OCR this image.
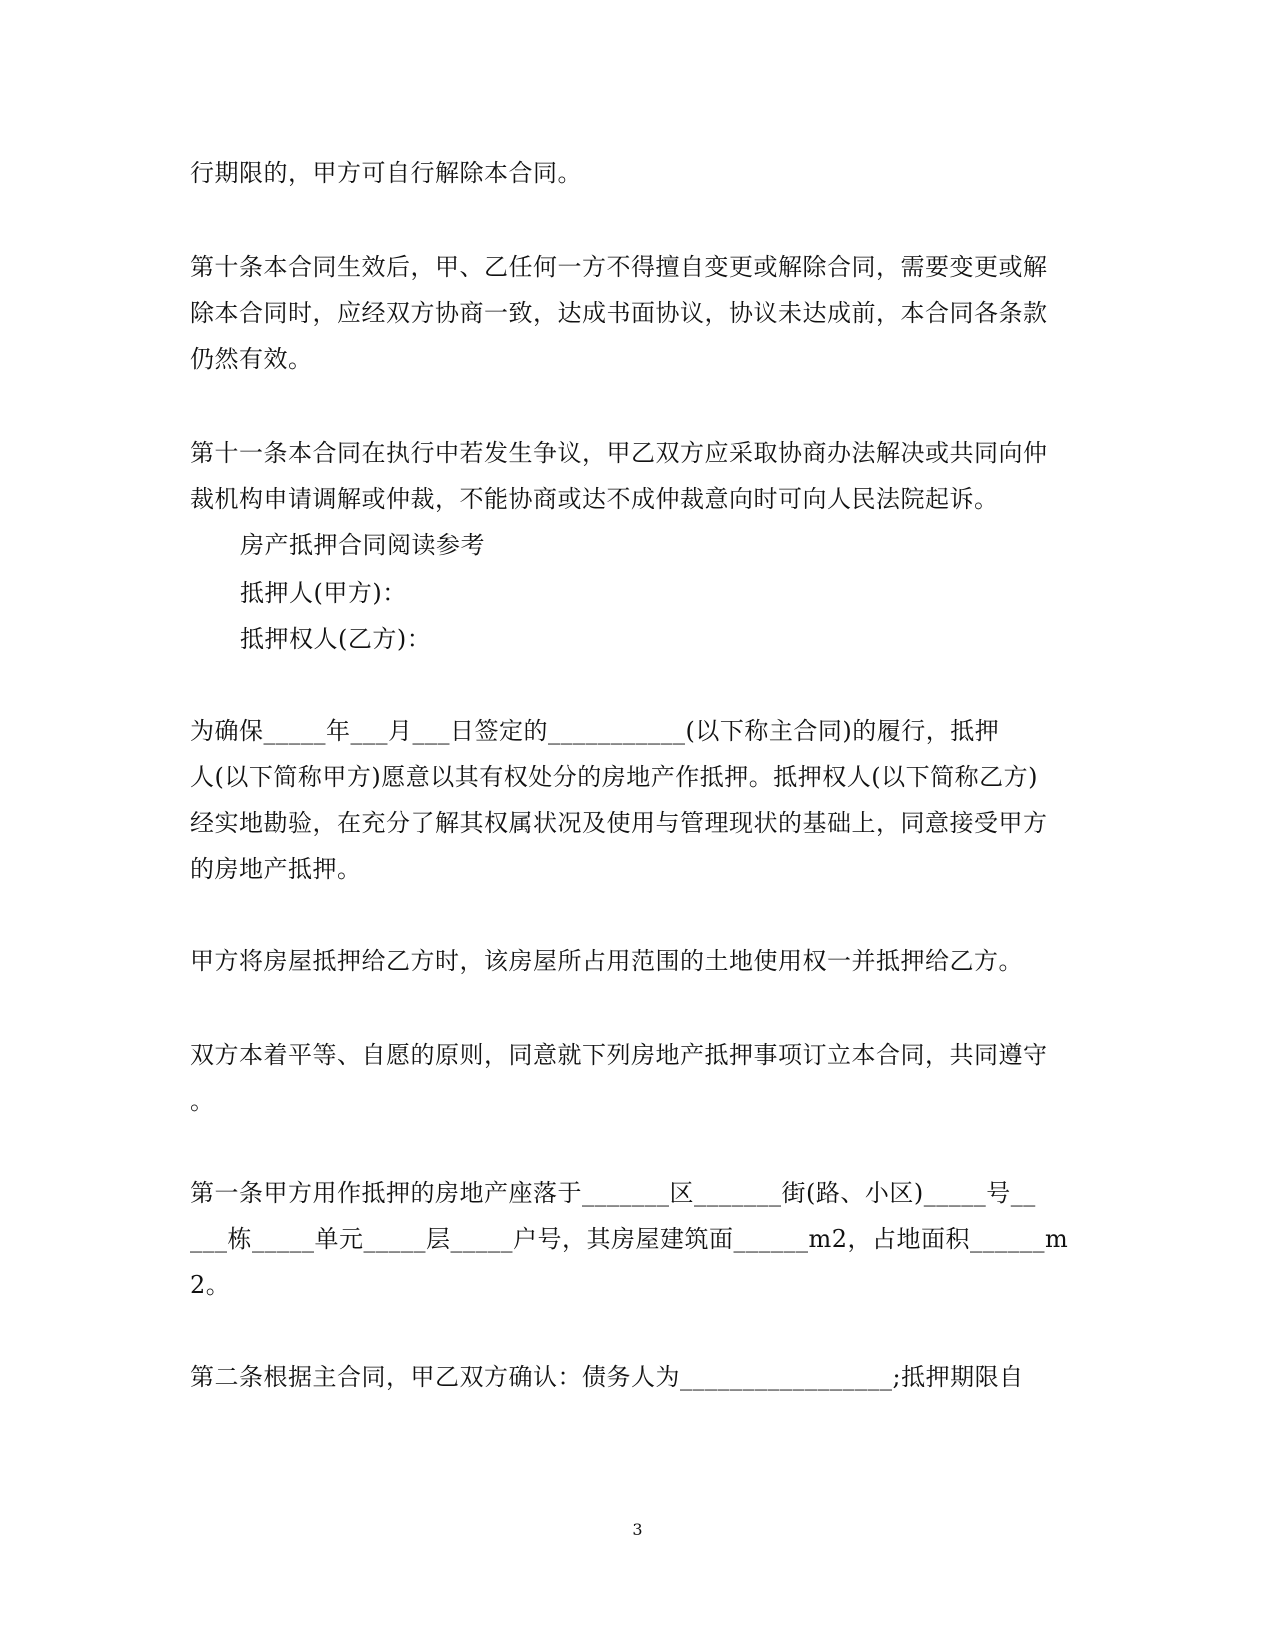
行期限的，甲方可自行解除本合同。
第十条本合同生效后，甲、乙任何一方不得擅自变更或解除合同，需要变更或解
除本合同时，应经双方协商一致，达成书面协议，协议未达成前，本合同各条款
仍然有效。
第十一条本合同在执行中若发生争议，甲乙双方应采取协商办法解决或共同向仲
裁机构申请调解或仲裁，不能协商或达不成仲裁意向时可向人民法院起诉。
房产抵押合同阅读参考
抵押人(甲方)：
抵押权人(乙方)：
为确保_____年___月___日签定的___________(以下称主合同)的履行，抵押
人(以下简称甲方)愿意以其有权处分的房地产作抵押。抵押权人(以下简称乙方)
经实地勘验，在充分了解其权属状况及使用与管理现状的基础上，同意接受甲方
的房地产抵押。
甲方将房屋抵押给乙方时，该房屋所占用范围的土地使用权一并抵押给乙方。
双方本着平等、自愿的原则，同意就下列房地产抵押事项订立本合同，共同遵守
。
第一条甲方用作抵押的房地产座落于_______区_______街(路、小区)_____号__
___栋_____单元_____层_____户号，其房屋建筑面______m2，占地面积______m
2。
第二条根据主合同，甲乙双方确认：债务人为_________________;抵押期限自
3
